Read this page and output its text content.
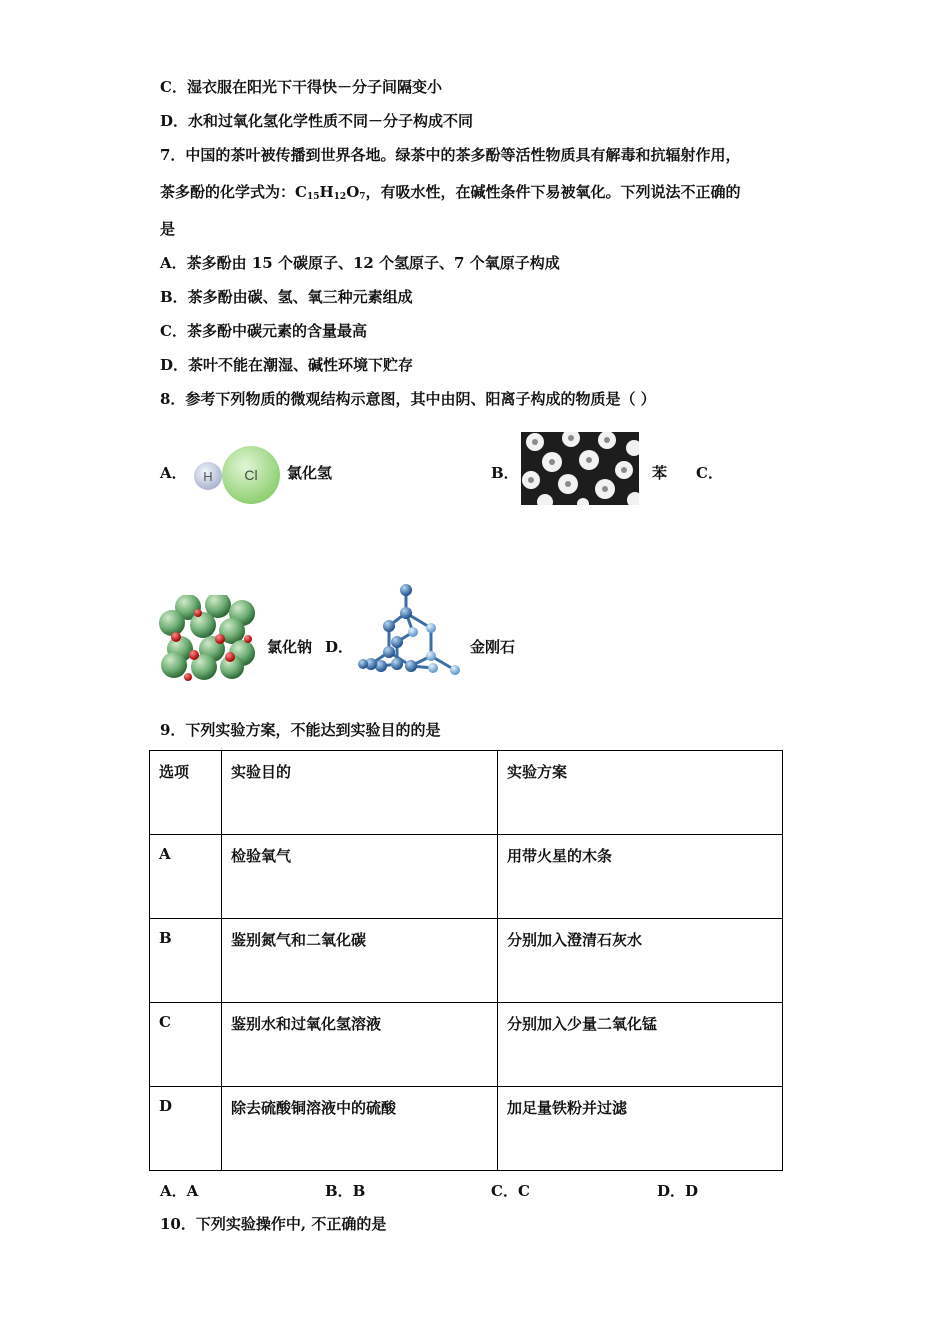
C．湿衣服在阳光下干得快－分子间隔变小
D．水和过氧化氢化学性质不同－分子构成不同
7．中国的茶叶被传播到世界各地。绿茶中的茶多酚等活性物质具有解毒和抗辐射作用，
茶多酚的化学式为：$C_{15}H_{12}O_7$，有吸水性，在碱性条件下易被氧化。下列说法不正确的
是
A．茶多酚由 15 个碳原子、12 个氢原子、7 个氧原子构成
B．茶多酚由碳、氢、氧三种元素组成
C．茶多酚中碳元素的含量最高
D．茶叶不能在潮湿、碱性环境下贮存
8．参考下列物质的微观结构示意图，其中由阴、阳离子构成的物质是（ ）
A． H Cl 氯化氢	B．	苯 C．
氯化钠 D．	金刚石
9．下列实验方案，不能达到实验目的的是
选项	实验目的	实验方案
A	检验氧气	用带火星的木条
B	鉴别氮气和二氧化碳	分别加入澄清石灰水
C	鉴别水和过氧化氢溶液	分别加入少量二氧化锰
D	除去硫酸铜溶液中的硫酸	加足量铁粉并过滤
A．A	B．B	C．C	D．D
10．下列实验操作中, 不正确的是
